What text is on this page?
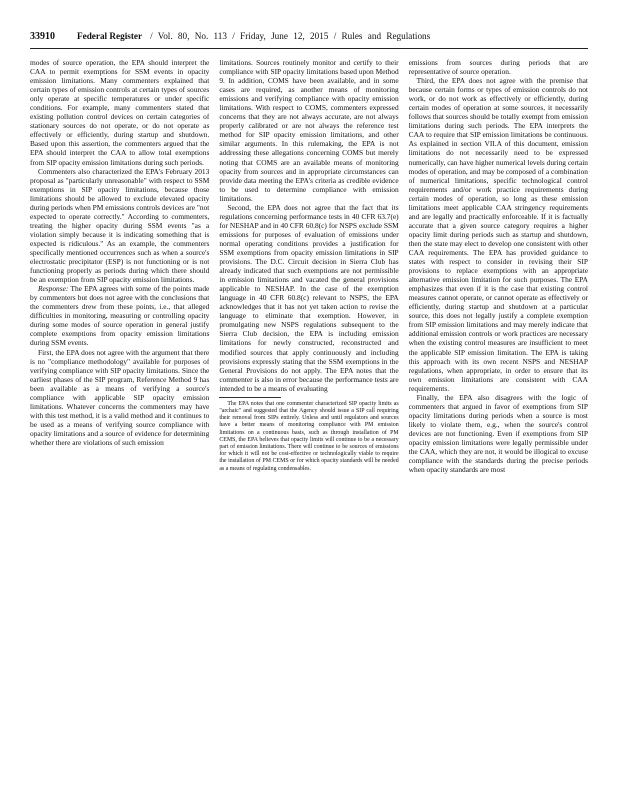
33910 Federal Register / Vol. 80, No. 113 / Friday, June 12, 2015 / Rules and Regulations

modes of source operation, the EPA should interpret the CAA to permit exemptions for SSM events in opacity emission limitations. Many commenters explained that certain types of emission controls at certain types of sources only operate at specific temperatures or under specific conditions. For example, many commenters stated that existing pollution control devices on certain categories of stationary sources do not operate, or do not operate as effectively or efficiently, during startup and shutdown. Based upon this assertion, the commenters argued that the EPA should interpret the CAA to allow total exemptions from SIP opacity emission limitations during such periods.

Commenters also characterized the EPA's February 2013 proposal as "particularly unreasonable" with respect to SSM exemptions in SIP opacity limitations, because those limitations should be allowed to exclude elevated opacity during periods when PM emissions controls devices are "not expected to operate correctly." According to commenters, treating the higher opacity during SSM events "as a violation simply because it is indicating something that is expected is ridiculous." As an example, the commenters specifically mentioned occurrences such as when a source's electrostatic precipitator (ESP) is not functioning or is not functioning properly as periods during which there should be an exemption from SIP opacity emission limitations.

Response: The EPA agrees with some of the points made by commenters but does not agree with the conclusions that the commenters drew from these points, i.e., that alleged difficulties in monitoring, measuring or controlling opacity during some modes of source operation in general justify complete exemptions from opacity emission limitations during SSM events.

First, the EPA does not agree with the argument that there is no "compliance methodology" available for purposes of verifying compliance with SIP opacity limitations. Since the earliest phases of the SIP program, Reference Method 9 has been available as a means of verifying a source's compliance with applicable SIP opacity emission limitations. Whatever concerns the commenters may have with this test method, it is a valid method and it continues to be used as a means of verifying source compliance with opacity limitations and a source of evidence for determining whether there are violations of such emission

limitations. Sources routinely monitor and certify to their compliance with SIP opacity limitations based upon Method 9. In addition, COMS have been available, and in some cases are required, as another means of monitoring emissions and verifying compliance with opacity emission limitations. With respect to COMS, commenters expressed concerns that they are not always accurate, are not always properly calibrated or are not always the reference test method for SIP opacity emission limitations, and other similar arguments. In this rulemaking, the EPA is not addressing these allegations concerning COMS but merely noting that COMS are an available means of monitoring opacity from sources and in appropriate circumstances can provide data meeting the EPA's criteria as credible evidence to be used to determine compliance with emission limitations.

Second, the EPA does not agree that the fact that its regulations concerning performance tests in 40 CFR 63.7(e) for NESHAP and in 40 CFR 60.8(c) for NSPS exclude SSM emissions for purposes of evaluation of emissions under normal operating conditions provides a justification for SSM exemptions from opacity emission limitations in SIP provisions. The D.C. Circuit decision in Sierra Club has already indicated that such exemptions are not permissible in emission limitations and vacated the general provisions applicable to NESHAP. In the case of the exemption language in 40 CFR 60.8(c) relevant to NSPS, the EPA acknowledges that it has not yet taken action to revise the language to eliminate that exemption. However, in promulgating new NSPS regulations subsequent to the Sierra Club decision, the EPA is including emission limitations for newly constructed, reconstructed and modified sources that apply continuously and including provisions expressly stating that the SSM exemptions in the General Provisions do not apply. The EPA notes that the commenter is also in error because the performance tests are intended to be a means of evaluating

The EPA notes that one commenter characterized SIP opacity limits as "archaic" and suggested that the Agency should issue a SIP call requiring their removal from SIPs entirely. Unless and until regulators and sources have a better means of monitoring compliance with PM emission limitations on a continuous basis, such as through installation of PM CEMS, the EPA believes that opacity limits will continue to be a necessary part of emission limitations. There will continue to be sources of emissions for which it will not be cost-effective or technologically viable to require the installation of PM CEMS or for which opacity standards will be needed as a means of regulating condensables.

emissions from sources during periods that are representative of source operation.

Third, the EPA does not agree with the premise that because certain forms or types of emission controls do not work, or do not work as effectively or efficiently, during certain modes of operation at some sources, it necessarily follows that sources should be totally exempt from emission limitations during such periods. The EPA interprets the CAA to require that SIP emission limitations be continuous. As explained in section VII.A of this document, emission limitations do not necessarily need to be expressed numerically, can have higher numerical levels during certain modes of operation, and may be composed of a combination of numerical limitations, specific technological control requirements and/or work practice requirements during certain modes of operation, so long as these emission limitations meet applicable CAA stringency requirements and are legally and practically enforceable. If it is factually accurate that a given source category requires a higher opacity limit during periods such as startup and shutdown, then the state may elect to develop one consistent with other CAA requirements. The EPA has provided guidance to states with respect to consider in revising their SIP provisions to replace exemptions with an appropriate alternative emission limitation for such purposes. The EPA emphasizes that even if it is the case that existing control measures cannot operate, or cannot operate as effectively or efficiently, during startup and shutdown at a particular source, this does not legally justify a complete exemption from SIP emission limitations and may merely indicate that additional emission controls or work practices are necessary when the existing control measures are insufficient to meet the applicable SIP emission limitation. The EPA is taking this approach with its own recent NSPS and NESHAP regulations, when appropriate, in order to ensure that its own emission limitations are consistent with CAA requirements.

Finally, the EPA also disagrees with the logic of commenters that argued in favor of exemptions from SIP opacity limitations during periods when a source is most likely to violate them, e.g., when the source's control devices are not functioning. Even if exemptions from SIP opacity emission limitations were legally permissible under the CAA, which they are not, it would be illogical to excuse compliance with the standards during the precise periods when opacity standards are most
